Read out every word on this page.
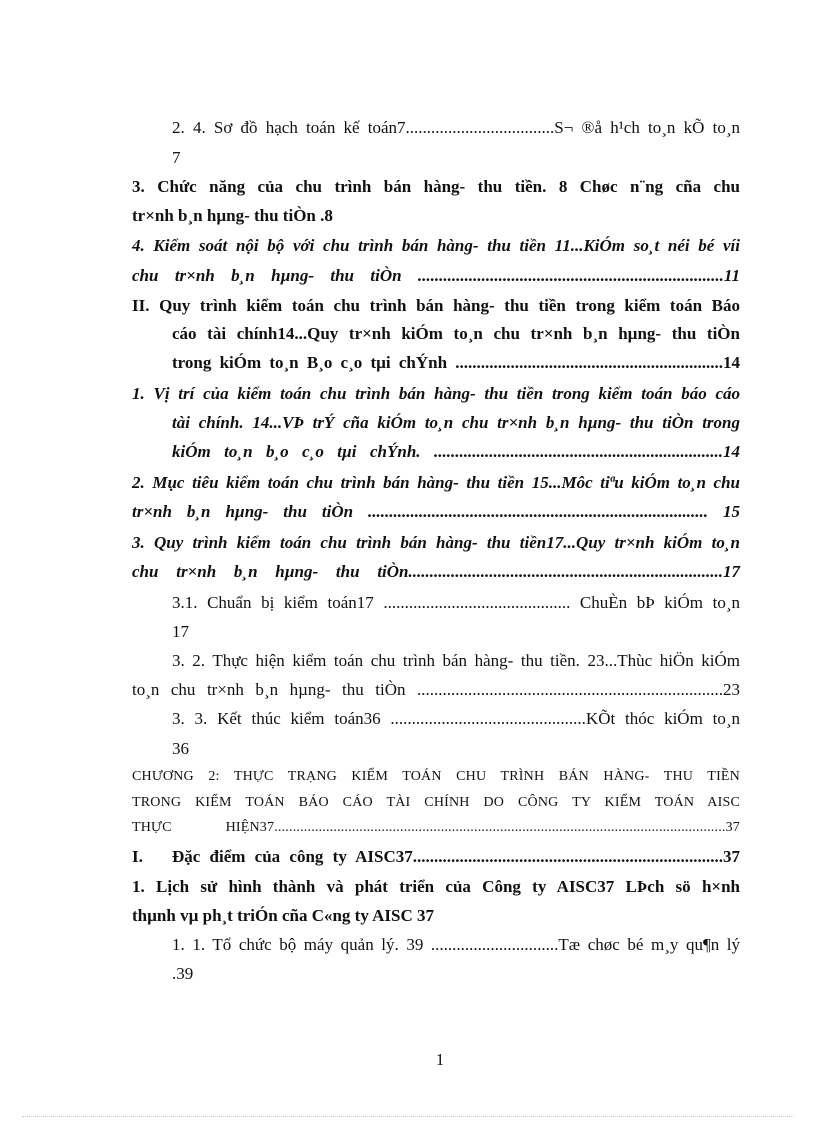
2. 4. Sơ đồ hạch toán kế toán7...................................S¬ ®å h¹ch to¸n kÕ to¸n
7
3. Chức năng của chu trình bán hàng- thu tiền. 8 Chøc n¨ng cña chu
tr×nh b¸n hµng- thu tiÒn .8
4. Kiểm soát nội bộ với chu trình bán hàng- thu tiền 11...KiÓm so¸t néi bé víi
chu tr×nh b¸n hµng- thu tiÒn ........................................................................11
II. Quy trình kiểm toán chu trình bán hàng- thu tiền trong kiểm toán Báo
cáo tài chính14...Quy tr×nh kiÓm to¸n chu tr×nh b¸n hµng- thu tiÒn
trong kiÓm to¸n B¸o c¸o tµi chÝnh ...............................................................14
1. Vị trí của kiểm toán chu trình bán hàng- thu tiền trong kiểm toán báo cáo
tài chính. 14...VÞ trÝ cña kiÓm to¸n chu tr×nh b¸n hµng- thu tiÒn trong
kiÓm to¸n b¸o c¸o tµi chÝnh. ....................................................................14
2. Mục tiêu kiểm toán chu trình bán hàng- thu tiền 15...Môc tiªu kiÓm to¸n chu
tr×nh b¸n hµng- thu tiÒn ................................................................................ 15
3. Quy trình kiểm toán chu trình bán hàng- thu tiền17...Quy tr×nh kiÓm to¸n
chu tr×nh b¸n hµng- thu tiÒn..........................................................................17
3.1. Chuẩn bị kiểm toán17 ............................................ ChuÈn bÞ kiÓm to¸n
17
3. 2. Thực hiện kiểm toán chu trình bán hàng- thu tiền. 23...Thùc hiÖn kiÓm
to¸n chu tr×nh b¸n hµng- thu tiÒn ........................................................................23
3. 3. Kết thúc kiểm toán36 ..............................................KÕt thóc kiÓm to¸n
36
CHƯƠNG 2: THỰC TRẠNG KIỂM TOÁN CHU TRÌNH BÁN HÀNG- THU TIỀN
TRONG KIỂM TOÁN BÁO CÁO TÀI CHÍNH DO CÔNG TY KIỂM TOÁN AISC
THỰC HIỆN37..........................................................................................................................37
I. Đặc điểm của công ty AISC37.........................................................................37
1. Lịch sử hình thành và phát triển của Công ty AISC37 LÞch sö h×nh
thµnh vµ ph¸t triÓn cña C«ng ty AISC 37
1. 1. Tổ chức bộ máy quản lý. 39 ..............................Tæ chøc bé m¸y qu¶n lý
.39
1
